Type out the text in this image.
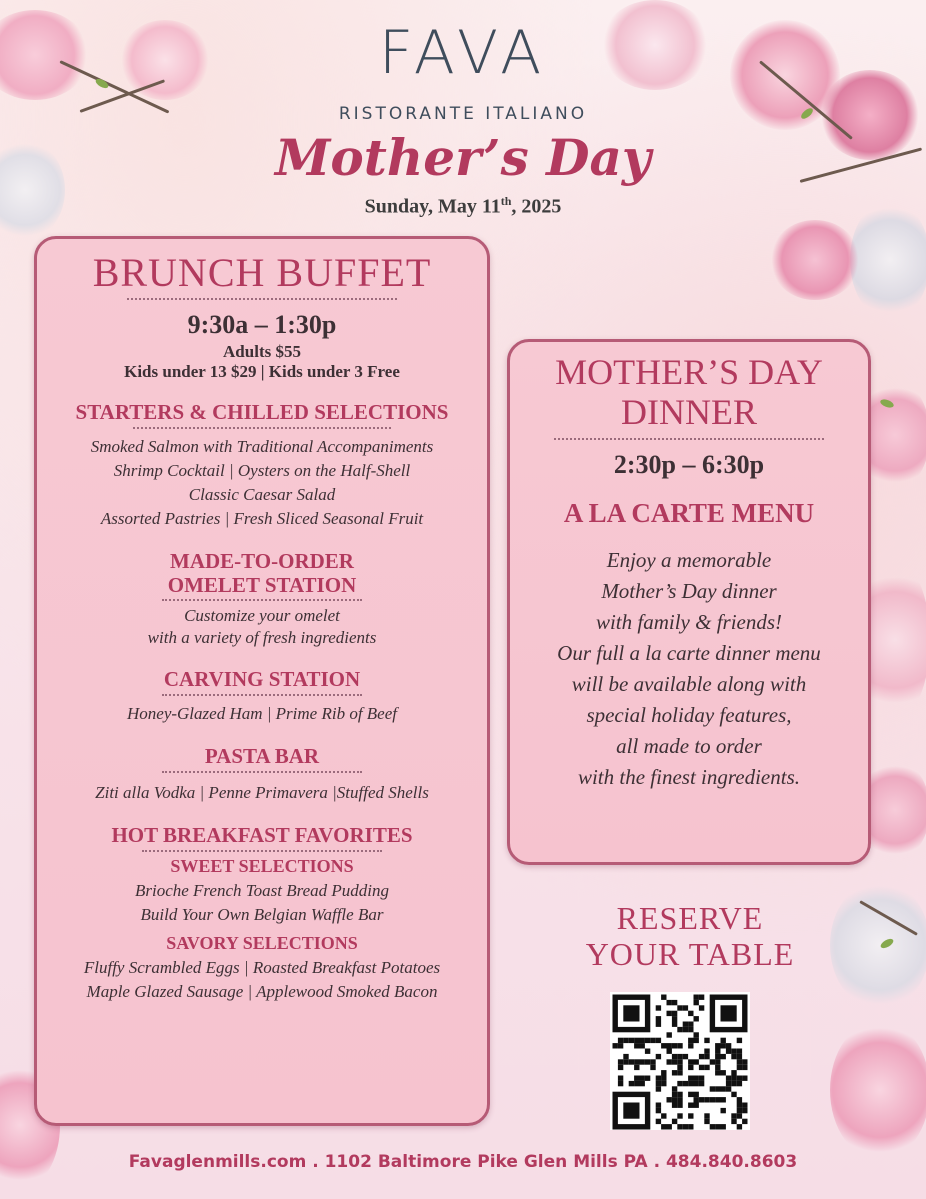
FAVA
RISTORANTE ITALIANO
Mother’s Day
Sunday, May 11th, 2025
BRUNCH BUFFET
9:30a – 1:30p
Adults $55
Kids under 13 $29 | Kids under 3 Free
STARTERS & CHILLED SELECTIONS
Smoked Salmon with Traditional Accompaniments
Shrimp Cocktail | Oysters on the Half-Shell
Classic Caesar Salad
Assorted Pastries | Fresh Sliced Seasonal Fruit
MADE-TO-ORDER
OMELET STATION
Customize your omelet
with a variety of fresh ingredients
CARVING STATION
Honey-Glazed Ham | Prime Rib of Beef
PASTA BAR
Ziti alla Vodka | Penne Primavera |Stuffed Shells
HOT BREAKFAST FAVORITES
SWEET SELECTIONS
Brioche French Toast Bread Pudding
Build Your Own Belgian Waffle Bar
SAVORY SELECTIONS
Fluffy Scrambled Eggs | Roasted Breakfast Potatoes
Maple Glazed Sausage | Applewood Smoked Bacon
MOTHER’S DAY
DINNER
2:30p – 6:30p
A LA CARTE MENU
Enjoy a memorable
Mother’s Day dinner
with family & friends!
Our full a la carte dinner menu
will be available along with
special holiday features,
all made to order
with the finest ingredients.
RESERVE
YOUR TABLE
Favaglenmills.com . 1102 Baltimore Pike Glen Mills PA . 484.840.8603
